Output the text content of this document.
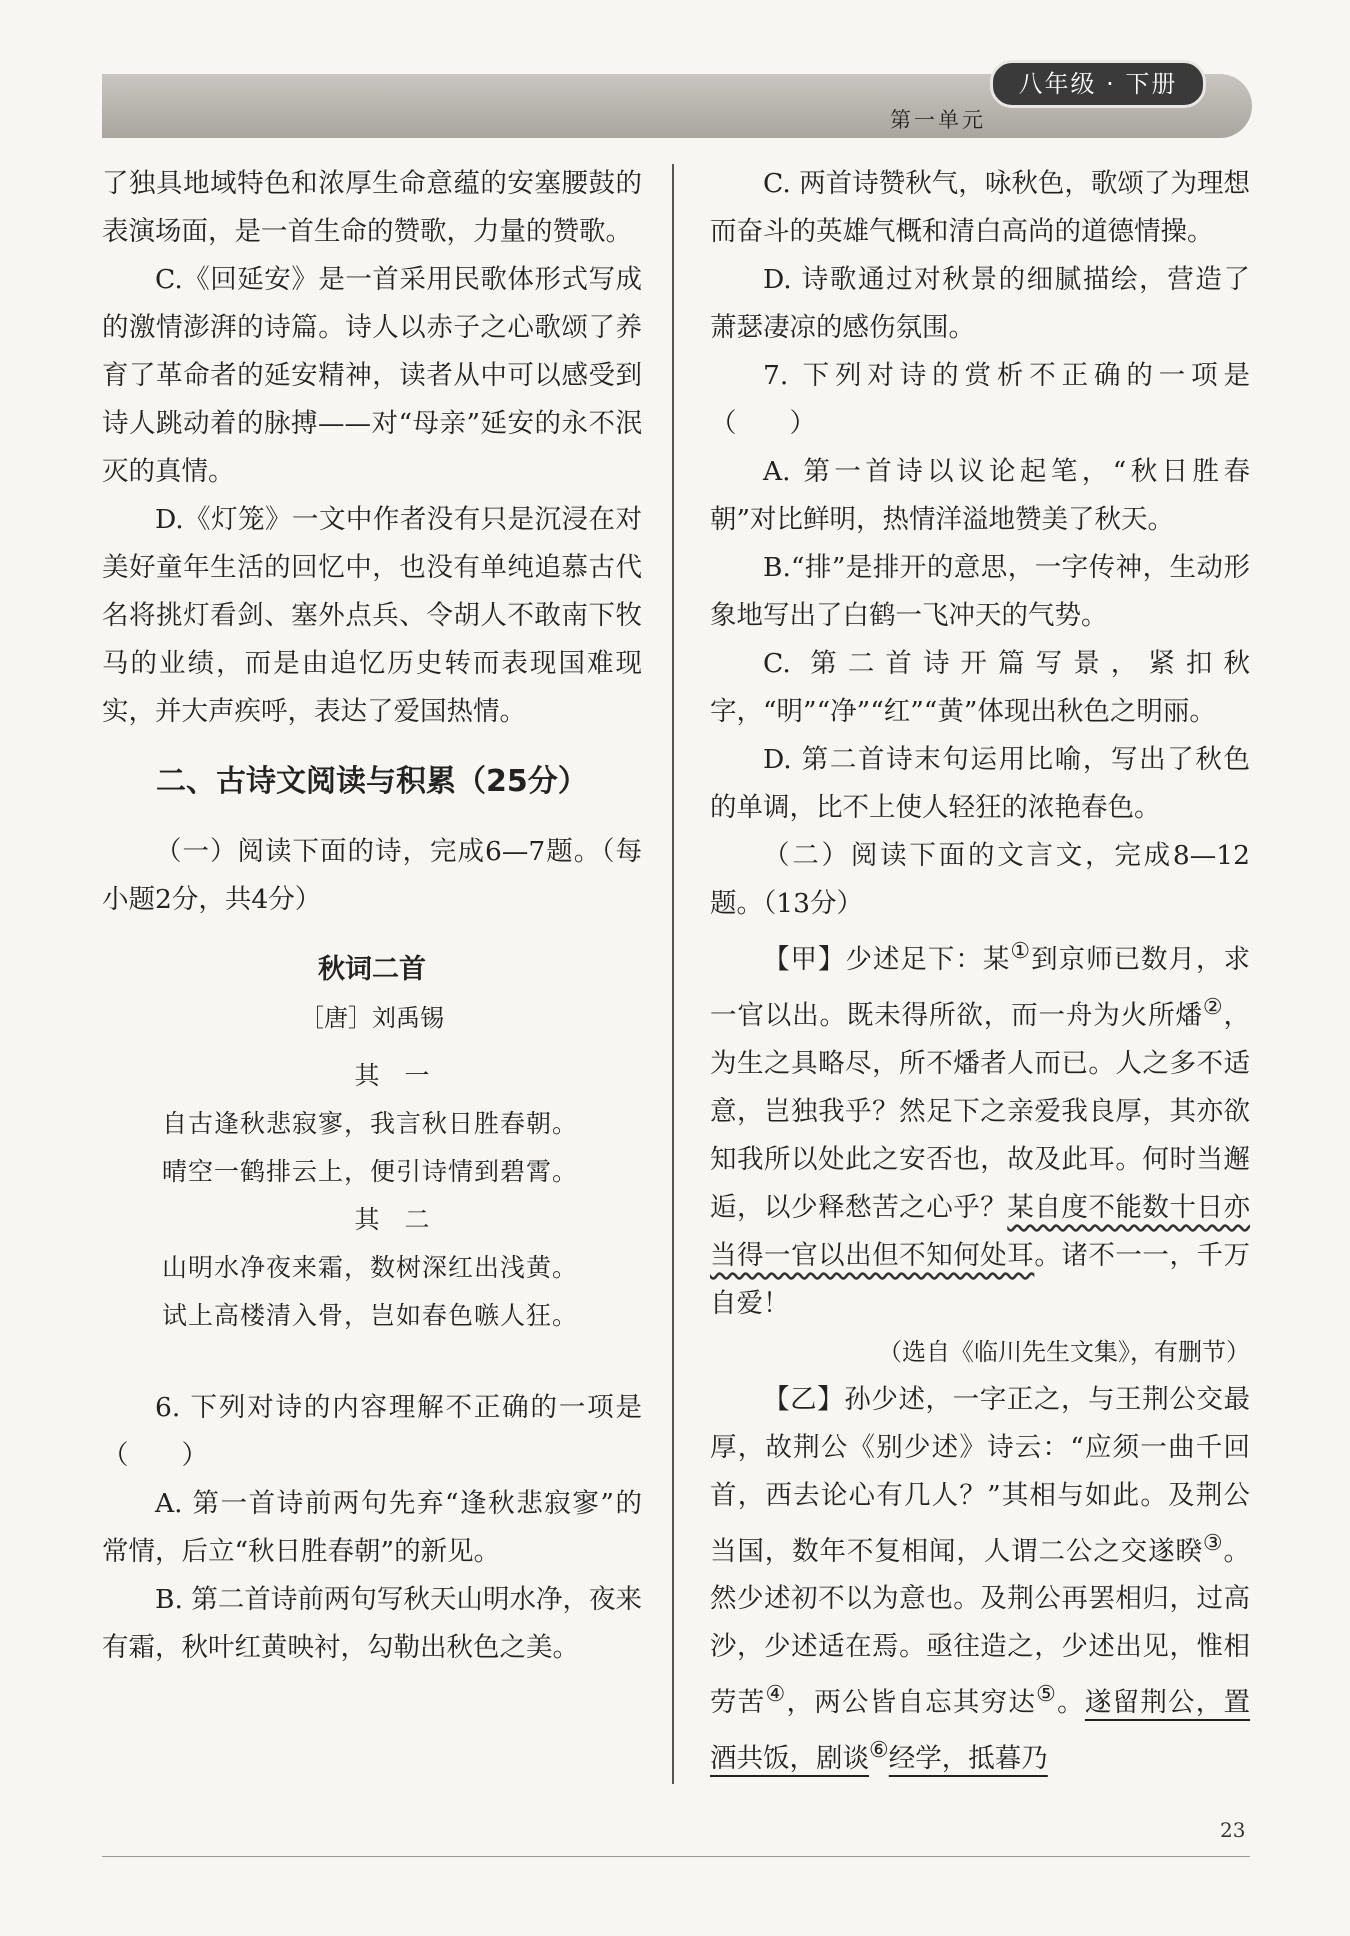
八年级 · 下册
第一单元

了独具地域特色和浓厚生命意蕴的安塞腰鼓的表演场面，是一首生命的赞歌，力量的赞歌。

C.《回延安》是一首采用民歌体形式写成的激情澎湃的诗篇。诗人以赤子之心歌颂了养育了革命者的延安精神，读者从中可以感受到诗人跳动着的脉搏——对“母亲”延安的永不泯灭的真情。

D.《灯笼》一文中作者没有只是沉浸在对美好童年生活的回忆中，也没有单纯追慕古代名将挑灯看剑、塞外点兵、令胡人不敢南下牧马的业绩，而是由追忆历史转而表现国难现实，并大声疾呼，表达了爱国热情。

二、古诗文阅读与积累（25分）

（一）阅读下面的诗，完成6—7题。（每小题2分，共4分）

秋词二首
［唐］刘禹锡
其　一
自古逢秋悲寂寥，我言秋日胜春朝。
晴空一鹤排云上，便引诗情到碧霄。
其　二
山明水净夜来霜，数树深红出浅黄。
试上高楼清入骨，岂如春色嗾人狂。

6. 下列对诗的内容理解不正确的一项是（　　）

A. 第一首诗前两句先弃“逢秋悲寂寥”的常情，后立“秋日胜春朝”的新见。

B. 第二首诗前两句写秋天山明水净，夜来有霜，秋叶红黄映衬，勾勒出秋色之美。

C. 两首诗赞秋气，咏秋色，歌颂了为理想而奋斗的英雄气概和清白高尚的道德情操。

D. 诗歌通过对秋景的细腻描绘，营造了萧瑟凄凉的感伤氛围。

7. 下列对诗的赏析不正确的一项是（　　）

A. 第一首诗以议论起笔，“秋日胜春朝”对比鲜明，热情洋溢地赞美了秋天。

B.“排”是排开的意思，一字传神，生动形象地写出了白鹤一飞冲天的气势。

C. 第二首诗开篇写景，紧扣秋字，“明”“净”“红”“黄”体现出秋色之明丽。

D. 第二首诗末句运用比喻，写出了秋色的单调，比不上使人轻狂的浓艳春色。

（二）阅读下面的文言文，完成8—12题。（13分）

【甲】少述足下：某①到京师已数月，求一官以出。既未得所欲，而一舟为火所燔②，为生之具略尽，所不燔者人而已。人之多不适意，岂独我乎？然足下之亲爱我良厚，其亦欲知我所以处此之安否也，故及此耳。何时当邂逅，以少释愁苦之心乎？某自度不能数十日亦当得一官以出但不知何处耳。诸不一一，千万自爱！

（选自《临川先生文集》，有删节）

【乙】孙少述，一字正之，与王荆公交最厚，故荆公《别少述》诗云：“应须一曲千回首，西去论心有几人？”其相与如此。及荆公当国，数年不复相闻，人谓二公之交遂睽③。然少述初不以为意也。及荆公再罢相归，过高沙，少述适在焉。亟往造之，少述出见，惟相劳苦④，两公皆自忘其穷达⑤。遂留荆公，置酒共饭，剧谈⑥经学，抵暮乃

23
